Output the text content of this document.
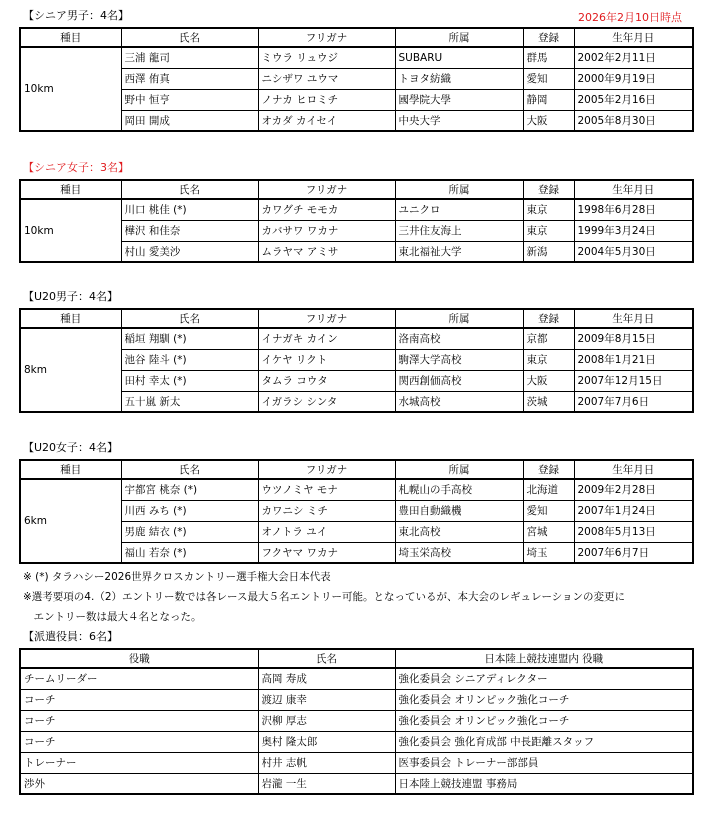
【シニア男子：4名】	2026年2月10日時点
種目	氏名	フリガナ	所属	登録	生年月日
10km	三浦 龍司	ミウラ リュウジ	SUBARU	群馬	2002年2月11日
	西澤 侑真	ニシザワ ユウマ	トヨタ紡織	愛知	2000年9月19日
	野中 恒亨	ノナカ ヒロミチ	國學院大學	静岡	2005年2月16日
	岡田 開成	オカダ カイセイ	中央大学	大阪	2005年8月30日
【シニア女子：3名】
種目	氏名	フリガナ	所属	登録	生年月日
10km	川口 桃佳 (*)	カワグチ モモカ	ユニクロ	東京	1998年6月28日
	樺沢 和佳奈	カバサワ ワカナ	三井住友海上	東京	1999年3月24日
	村山 愛美沙	ムラヤマ アミサ	東北福祉大学	新潟	2004年5月30日
【U20男子：4名】
種目	氏名	フリガナ	所属	登録	生年月日
8km	稲垣 翔馴 (*)	イナガキ カイン	洛南高校	京都	2009年8月15日
	池谷 陸斗 (*)	イケヤ リクト	駒澤大学高校	東京	2008年1月21日
	田村 幸太 (*)	タムラ コウタ	関西創価高校	大阪	2007年12月15日
	五十嵐 新太	イガラシ シンタ	水城高校	茨城	2007年7月6日
【U20女子：4名】
種目	氏名	フリガナ	所属	登録	生年月日
6km	宇都宮 桃奈 (*)	ウツノミヤ モナ	札幌山の手高校	北海道	2009年2月28日
	川西 みち (*)	カワニシ ミチ	豊田自動織機	愛知	2007年1月24日
	男鹿 結衣 (*)	オノトラ ユイ	東北高校	宮城	2008年5月13日
	福山 若奈 (*)	フクヤマ ワカナ	埼玉栄高校	埼玉	2007年6月7日
※ (*) タラハシー2026世界クロスカントリー選手権大会日本代表
※選考要項の4.（2）エントリー数では各レース最大５名エントリー可能。となっているが、本大会のレギュレーションの変更に
　エントリー数は最大４名となった。
【派遣役員：6名】
役職	氏名	日本陸上競技連盟内 役職
チームリーダー	高岡 寿成	強化委員会 シニアディレクター
コーチ	渡辺 康幸	強化委員会 オリンピック強化コーチ
コーチ	沢柳 厚志	強化委員会 オリンピック強化コーチ
コーチ	奥村 隆太郎	強化委員会 強化育成部 中長距離スタッフ
トレーナー	村井 志帆	医事委員会 トレーナー部部員
渉外	岩瀧 一生	日本陸上競技連盟 事務局
